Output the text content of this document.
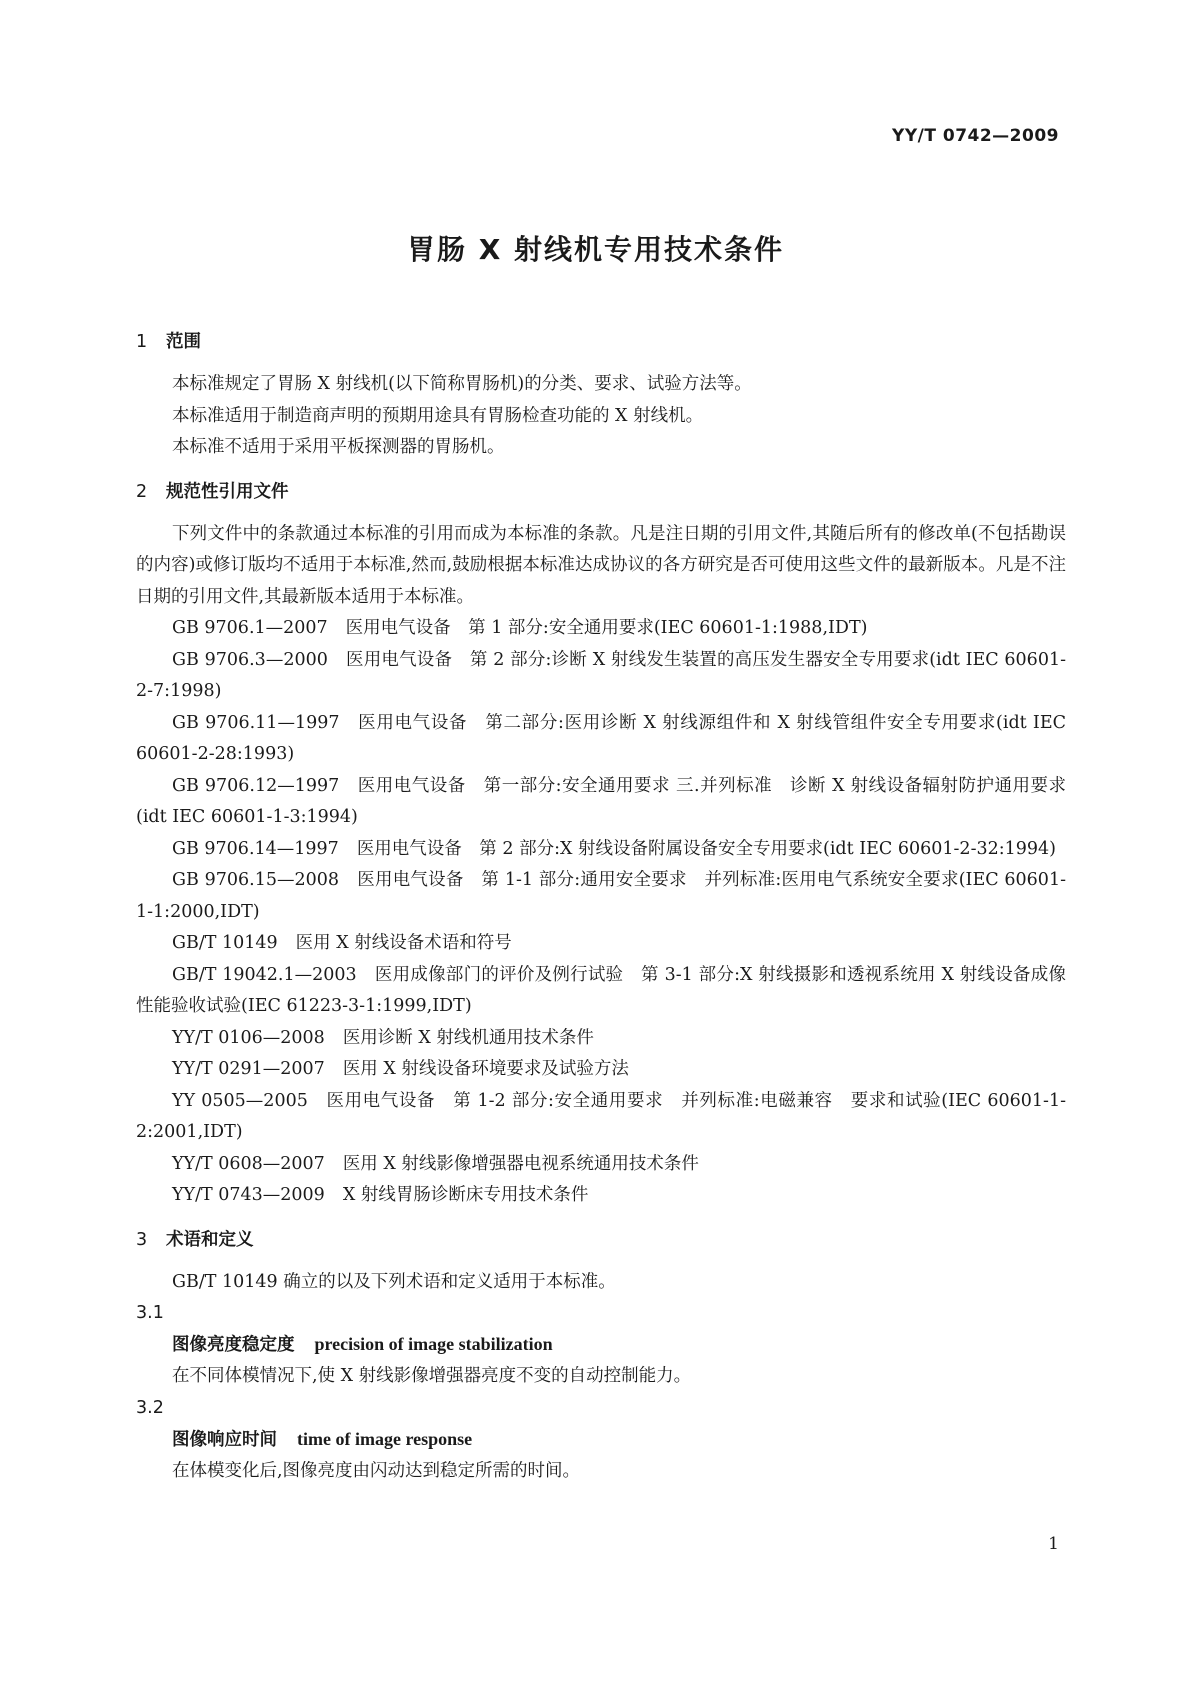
YY/T 0742—2009
胃肠 X 射线机专用技术条件
1 范围

本标准规定了胃肠 X 射线机(以下简称胃肠机)的分类、要求、试验方法等。

本标准适用于制造商声明的预期用途具有胃肠检查功能的 X 射线机。

本标准不适用于采用平板探测器的胃肠机。

2 规范性引用文件

下列文件中的条款通过本标准的引用而成为本标准的条款。凡是注日期的引用文件,其随后所有的修改单(不包括勘误的内容)或修订版均不适用于本标准,然而,鼓励根据本标准达成协议的各方研究是否可使用这些文件的最新版本。凡是不注日期的引用文件,其最新版本适用于本标准。

GB 9706.1—2007 医用电气设备　第 1 部分:安全通用要求(IEC 60601-1:1988,IDT)

GB 9706.3—2000 医用电气设备　第 2 部分:诊断 X 射线发生装置的高压发生器安全专用要求(idt IEC 60601-2-7:1998)

GB 9706.11—1997 医用电气设备　第二部分:医用诊断 X 射线源组件和 X 射线管组件安全专用要求(idt IEC 60601-2-28:1993)

GB 9706.12—1997 医用电气设备　第一部分:安全通用要求 三.并列标准　诊断 X 射线设备辐射防护通用要求(idt IEC 60601-1-3:1994)

GB 9706.14—1997 医用电气设备　第 2 部分:X 射线设备附属设备安全专用要求(idt IEC 60601-2-32:1994)

GB 9706.15—2008 医用电气设备　第 1-1 部分:通用安全要求　并列标准:医用电气系统安全要求(IEC 60601-1-1:2000,IDT)

GB/T 10149 医用 X 射线设备术语和符号

GB/T 19042.1—2003 医用成像部门的评价及例行试验　第 3-1 部分:X 射线摄影和透视系统用 X 射线设备成像性能验收试验(IEC 61223-3-1:1999,IDT)

YY/T 0106—2008 医用诊断 X 射线机通用技术条件

YY/T 0291—2007 医用 X 射线设备环境要求及试验方法

YY 0505—2005 医用电气设备　第 1-2 部分:安全通用要求　并列标准:电磁兼容　要求和试验(IEC 60601-1-2:2001,IDT)

YY/T 0608—2007 医用 X 射线影像增强器电视系统通用技术条件

YY/T 0743—2009 X 射线胃肠诊断床专用技术条件

3 术语和定义

GB/T 10149 确立的以及下列术语和定义适用于本标准。

3.1
图像亮度稳定度 precision of image stabilization

在不同体模情况下,使 X 射线影像增强器亮度不变的自动控制能力。

3.2
图像响应时间 time of image response

在体模变化后,图像亮度由闪动达到稳定所需的时间。

1
